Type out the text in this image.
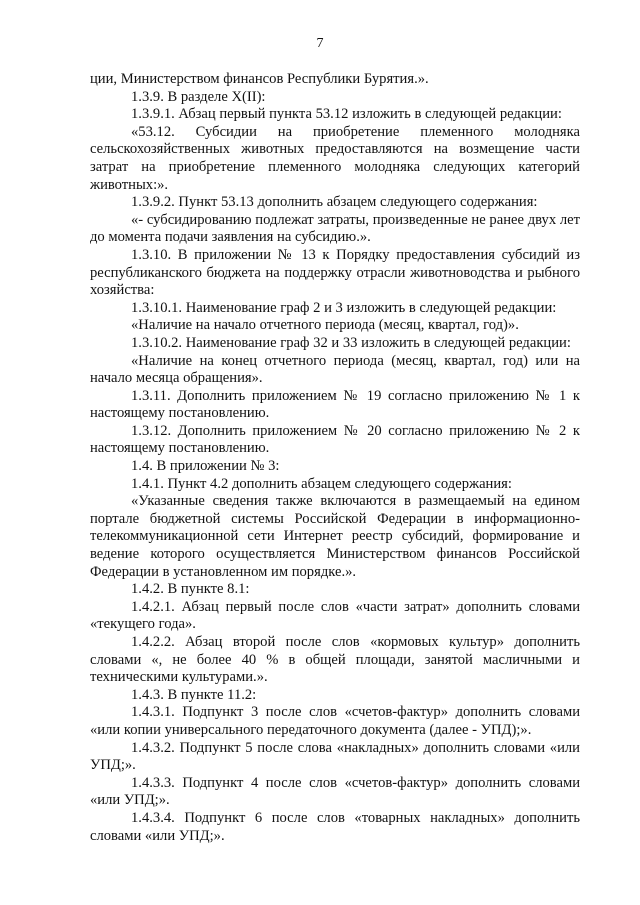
7

ции, Министерством финансов Республики Бурятия.».

1.3.9. В разделе X(II):

1.3.9.1. Абзац первый пункта 53.12 изложить в следующей редакции:

«53.12. Субсидии на приобретение племенного молодняка сельскохозяйственных животных предоставляются на возмещение части затрат на приобретение племенного молодняка следующих категорий животных:».

1.3.9.2. Пункт 53.13 дополнить абзацем следующего содержания:

«- субсидированию подлежат затраты, произведенные не ранее двух лет до момента подачи заявления на субсидию.».

1.3.10. В приложении № 13 к Порядку предоставления субсидий из республиканского бюджета на поддержку отрасли животноводства и рыбного хозяйства:

1.3.10.1. Наименование граф 2 и 3 изложить в следующей редакции:

«Наличие на начало отчетного периода (месяц, квартал, год)».

1.3.10.2. Наименование граф 32 и 33 изложить в следующей редакции:

«Наличие на конец отчетного периода (месяц, квартал, год) или на начало месяца обращения».

1.3.11. Дополнить приложением № 19 согласно приложению № 1 к настоящему постановлению.

1.3.12. Дополнить приложением № 20 согласно приложению № 2 к настоящему постановлению.

1.4. В приложении № 3:

1.4.1. Пункт 4.2 дополнить абзацем следующего содержания:

«Указанные сведения также включаются в размещаемый на едином портале бюджетной системы Российской Федерации в информационно-телекоммуникационной сети Интернет реестр субсидий, формирование и ведение которого осуществляется Министерством финансов Российской Федерации в установленном им порядке.».

1.4.2. В пункте 8.1:

1.4.2.1. Абзац первый после слов «части затрат» дополнить словами «текущего года».

1.4.2.2. Абзац второй после слов «кормовых культур» дополнить словами «, не более 40 % в общей площади, занятой масличными и техническими культурами.».

1.4.3. В пункте 11.2:

1.4.3.1. Подпункт 3 после слов «счетов-фактур» дополнить словами «или копии универсального передаточного документа (далее - УПД);».

1.4.3.2. Подпункт 5 после слова «накладных» дополнить словами «или УПД;».

1.4.3.3. Подпункт 4 после слов «счетов-фактур» дополнить словами «или УПД;».

1.4.3.4. Подпункт 6 после слов «товарных накладных» дополнить словами «или УПД;».
